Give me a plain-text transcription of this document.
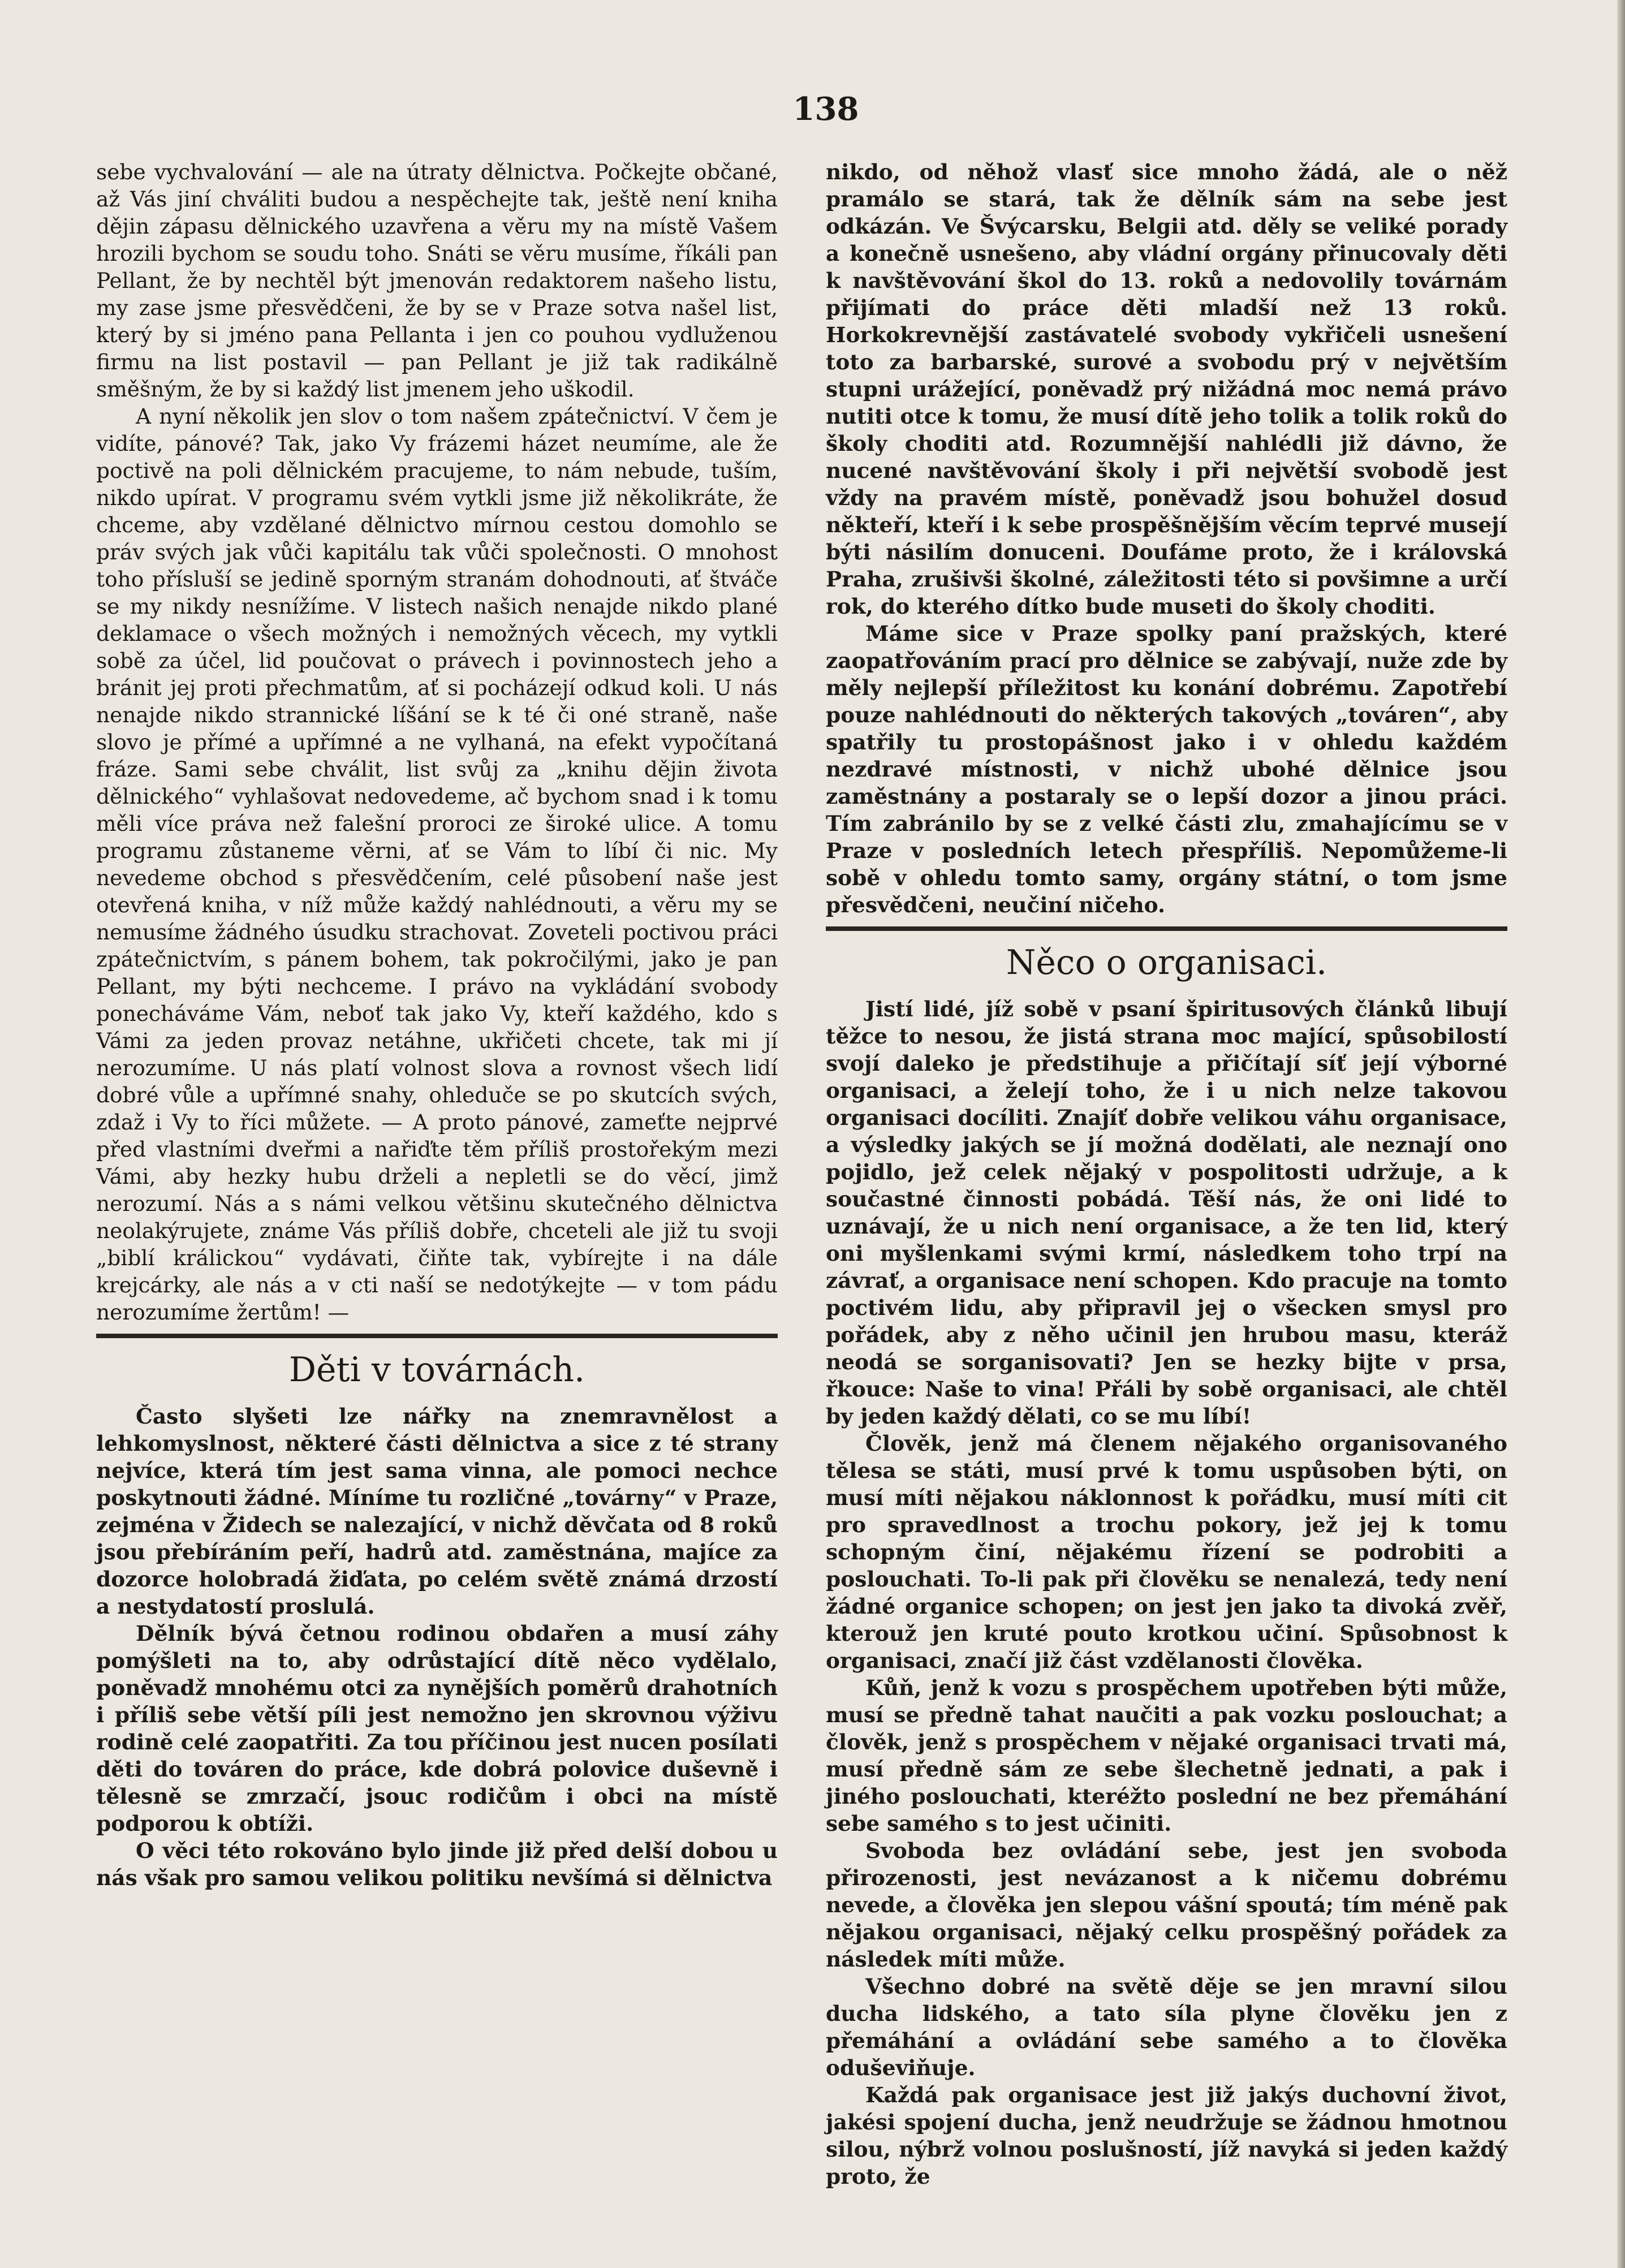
138

sebe vychvalování — ale na útraty dělnictva. Počkejte občané, až Vás jiní chváliti budou a nespěchejte tak, ještě není kniha dějin zápasu dělnického uzavřena a věru my na místě Vašem hrozili bychom se soudu toho. Snáti se věru musíme, říkáli pan Pellant, že by nechtěl být jmenován redaktorem našeho listu, my zase jsme přesvědčeni, že by se v Praze sotva našel list, který by si jméno pana Pellanta i jen co pouhou vydluženou firmu na list postavil — pan Pellant je již tak radikálně směšným, že by si každý list jmenem jeho uškodil.

A nyní několik jen slov o tom našem zpátečnictví. V čem je vidíte, pánové? Tak, jako Vy frázemi házet neumíme, ale že poctivě na poli dělnickém pracujeme, to nám nebude, tuším, nikdo upírat. V programu svém vytkli jsme již několikráte, že chceme, aby vzdělané dělnictvo mírnou cestou domohlo se práv svých jak vůči kapitálu tak vůči společnosti. O mnohost toho přísluší se jedině sporným stranám dohodnouti, ať štváče se my nikdy nesnížíme. V listech našich nenajde nikdo plané deklamace o všech možných i nemožných věcech, my vytkli sobě za účel, lid poučovat o právech i povinnostech jeho a bránit jej proti přechmatům, ať si pocházejí odkud koli. U nás nenajde nikdo strannické líšání se k té či oné straně, naše slovo je přímé a upřímné a ne vylhaná, na efekt vypočítaná fráze. Sami sebe chválit, list svůj za „knihu dějin života dělnického“ vyhlašovat nedovedeme, ač bychom snad i k tomu měli více práva než falešní proroci ze široké ulice. A tomu programu zůstaneme věrni, ať se Vám to líbí či nic. My nevedeme obchod s přesvědčením, celé působení naše jest otevřená kniha, v níž může každý nahlédnouti, a věru my se nemusíme žádného úsudku strachovat. Zoveteli poctivou práci zpátečnictvím, s pánem bohem, tak pokročilými, jako je pan Pellant, my býti nechceme. I právo na vykládání svobody ponecháváme Vám, neboť tak jako Vy, kteří každého, kdo s Vámi za jeden provaz netáhne, ukřičeti chcete, tak mi jí nerozumíme. U nás platí volnost slova a rovnost všech lidí dobré vůle a upřímné snahy, ohleduče se po skutcích svých, zdaž i Vy to říci můžete. — A proto pánové, zameťte nejprvé před vlastními dveřmi a nařiďte těm příliš prostořekým mezi Vámi, aby hezky hubu drželi a nepletli se do věcí, jimž nerozumí. Nás a s námi velkou většinu skutečného dělnictva neolakýrujete, známe Vás příliš dobře, chceteli ale již tu svoji „biblí králickou“ vydávati, čiňte tak, vybírejte i na dále krejcárky, ale nás a v cti naší se nedotýkejte — v tom pádu nerozumíme žertům! —

Děti v továrnách.

Často slyšeti lze nářky na znemravnělost a lehkomyslnost, některé části dělnictva a sice z té strany nejvíce, která tím jest sama vinna, ale pomoci nechce poskytnouti žádné. Míníme tu rozličné „továrny“ v Praze, zejména v Židech se nalezající, v nichž děvčata od 8 roků jsou přebíráním peří, hadrů atd. zaměstnána, majíce za dozorce holobradá žiďata, po celém světě známá drzostí a nestydatostí proslulá.

Dělník bývá četnou rodinou obdařen a musí záhy pomýšleti na to, aby odrůstající dítě něco vydělalo, poněvadž mnohému otci za nynějších poměrů drahotních i příliš sebe větší píli jest nemožno jen skrovnou výživu rodině celé zaopatřiti. Za tou příčinou jest nucen posílati děti do továren do práce, kde dobrá polovice duševně i tělesně se zmrzačí, jsouc rodičům i obci na místě podporou k obtíži.

O věci této rokováno bylo jinde již před delší dobou u nás však pro samou velikou politiku nevšímá si dělnictva

nikdo, od něhož vlasť sice mnoho žádá, ale o něž pramálo se stará, tak že dělník sám na sebe jest odkázán. Ve Švýcarsku, Belgii atd. děly se veliké porady a konečně usnešeno, aby vládní orgány přinucovaly děti k navštěvování škol do 13. roků a nedovolily továrnám přijímati do práce děti mladší než 13 roků. Horkokrevnější zastávatelé svobody vykřičeli usnešení toto za barbarské, surové a svobodu prý v největším stupni urážející, poněvadž prý nižádná moc nemá právo nutiti otce k tomu, že musí dítě jeho tolik a tolik roků do školy choditi atd. Rozumnější nahlédli již dávno, že nucené navštěvování školy i při největší svobodě jest vždy na pravém místě, poněvadž jsou bohužel dosud někteří, kteří i k sebe prospěšnějším věcím teprvé musejí býti násilím donuceni. Doufáme proto, že i královská Praha, zrušivši školné, záležitosti této si povšimne a určí rok, do kterého dítko bude museti do školy choditi.

Máme sice v Praze spolky paní pražských, které zaopatřováním prací pro dělnice se zabývají, nuže zde by měly nejlepší příležitost ku konání dobrému. Zapotřebí pouze nahlédnouti do některých takových „továren“, aby spatřily tu prostopášnost jako i v ohledu každém nezdravé místnosti, v nichž ubohé dělnice jsou zaměstnány a postaraly se o lepší dozor a jinou práci. Tím zabránilo by se z velké části zlu, zmahajícímu se v Praze v posledních letech přespříliš. Nepomůžeme-li sobě v ohledu tomto samy, orgány státní, o tom jsme přesvědčeni, neučiní ničeho.

Něco o organisaci.

Jistí lidé, jíž sobě v psaní špiritusových článků libují těžce to nesou, že jistá strana moc mající, spůsobilostí svojí daleko je předstihuje a přičítají síť její výborné organisaci, a želejí toho, že i u nich nelze takovou organisaci docíliti. Znajíť dobře velikou váhu organisace, a výsledky jakých se jí možná dodělati, ale neznají ono pojidlo, jež celek nějaký v pospolitosti udržuje, a k součastné činnosti pobádá. Těší nás, že oni lidé to uznávají, že u nich není organisace, a že ten lid, který oni myšlenkami svými krmí, následkem toho trpí na závrať, a organisace není schopen. Kdo pracuje na tomto poctivém lidu, aby připravil jej o všecken smysl pro pořádek, aby z něho učinil jen hrubou masu, kteráž neodá se sorganisovati? Jen se hezky bijte v prsa, řkouce: Naše to vina! Přáli by sobě organisaci, ale chtěl by jeden každý dělati, co se mu líbí!

Člověk, jenž má členem nějakého organisovaného tělesa se státi, musí prvé k tomu uspůsoben býti, on musí míti nějakou náklonnost k pořádku, musí míti cit pro spravedlnost a trochu pokory, jež jej k tomu schopným činí, nějakému řízení se podrobiti a poslouchati. To-li pak při člověku se nenalezá, tedy není žádné organice schopen; on jest jen jako ta divoká zvěř, kterouž jen kruté pouto krotkou učiní. Spůsobnost k organisaci, značí již část vzdělanosti člověka.

Kůň, jenž k vozu s prospěchem upotřeben býti může, musí se předně tahat naučiti a pak vozku poslouchat; a člověk, jenž s prospěchem v nějaké organisaci trvati má, musí předně sám ze sebe šlechetně jednati, a pak i jiného poslouchati, kteréžto poslední ne bez přemáhání sebe samého s to jest učiniti.

Svoboda bez ovládání sebe, jest jen svoboda přirozenosti, jest nevázanost a k ničemu dobrému nevede, a člověka jen slepou vášní spoutá; tím méně pak nějakou organisaci, nějaký celku prospěšný pořádek za následek míti může.

Všechno dobré na světě děje se jen mravní silou ducha lidského, a tato síla plyne člověku jen z přemáhání a ovládání sebe samého a to člověka oduševiňuje.

Každá pak organisace jest již jakýs duchovní život, jakési spojení ducha, jenž neudržuje se žádnou hmotnou silou, nýbrž volnou poslušností, jíž navyká si jeden každý proto, že
